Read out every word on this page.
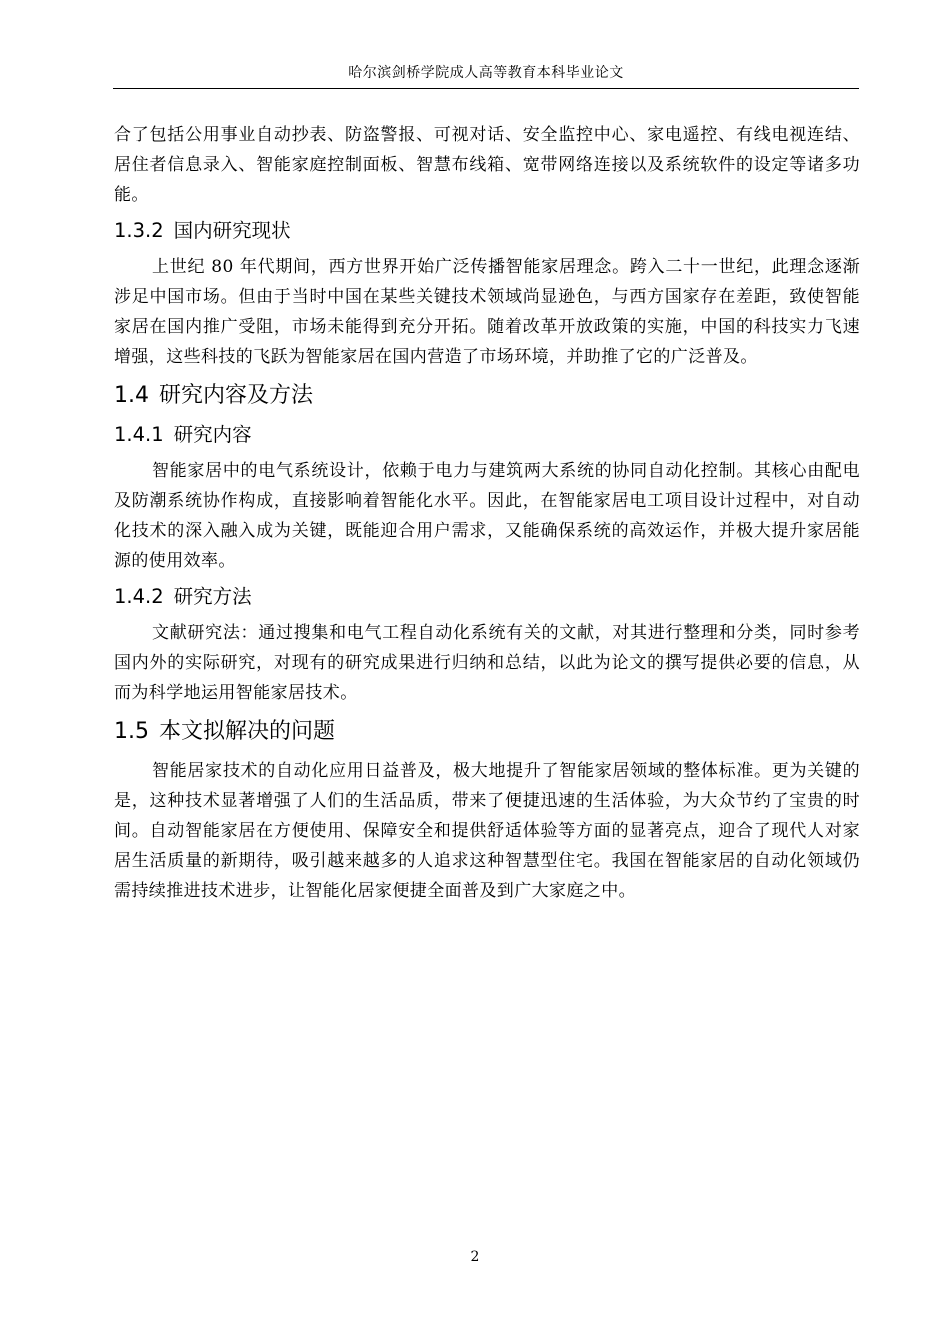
哈尔滨剑桥学院成人高等教育本科毕业论文

合了包括公用事业自动抄表、防盗警报、可视对话、安全监控中心、家电遥控、有线电视连结、居住者信息录入、智能家庭控制面板、智慧布线箱、宽带网络连接以及系统软件的设定等诸多功能。

1.3.2 国内研究现状

上世纪 80 年代期间，西方世界开始广泛传播智能家居理念。跨入二十一世纪，此理念逐渐涉足中国市场。但由于当时中国在某些关键技术领域尚显逊色，与西方国家存在差距，致使智能家居在国内推广受阻，市场未能得到充分开拓。随着改革开放政策的实施，中国的科技实力飞速增强，这些科技的飞跃为智能家居在国内营造了市场环境，并助推了它的广泛普及。

1.4 研究内容及方法
1.4.1 研究内容

智能家居中的电气系统设计，依赖于电力与建筑两大系统的协同自动化控制。其核心由配电及防潮系统协作构成，直接影响着智能化水平。因此，在智能家居电工项目设计过程中，对自动化技术的深入融入成为关键，既能迎合用户需求，又能确保系统的高效运作，并极大提升家居能源的使用效率。

1.4.2 研究方法

文献研究法：通过搜集和电气工程自动化系统有关的文献，对其进行整理和分类，同时参考国内外的实际研究，对现有的研究成果进行归纳和总结，以此为论文的撰写提供必要的信息，从而为科学地运用智能家居技术。

1.5 本文拟解决的问题

智能居家技术的自动化应用日益普及，极大地提升了智能家居领域的整体标准。更为关键的是，这种技术显著增强了人们的生活品质，带来了便捷迅速的生活体验，为大众节约了宝贵的时间。自动智能家居在方便使用、保障安全和提供舒适体验等方面的显著亮点，迎合了现代人对家居生活质量的新期待，吸引越来越多的人追求这种智慧型住宅。我国在智能家居的自动化领域仍需持续推进技术进步，让智能化居家便捷全面普及到广大家庭之中。

2
